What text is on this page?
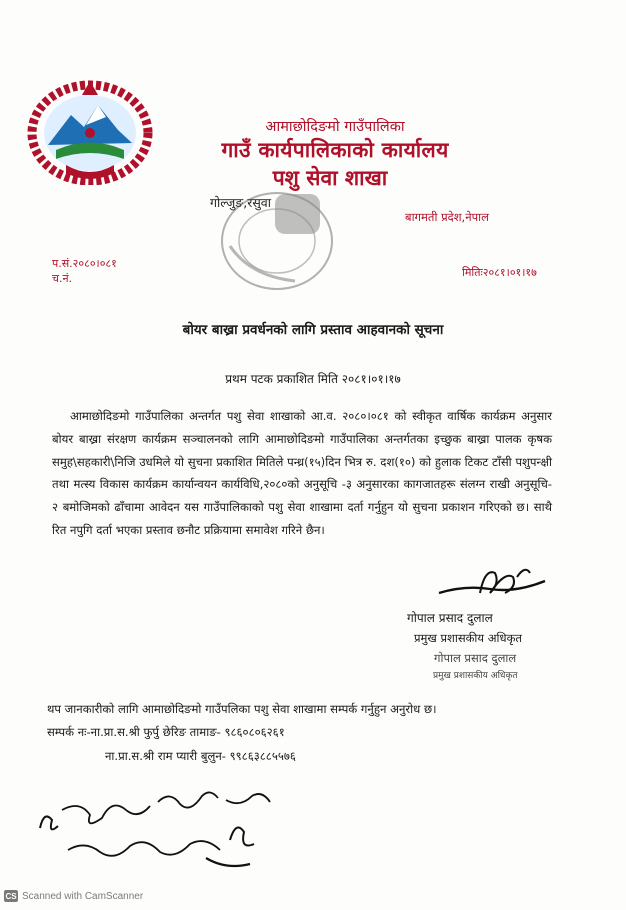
आमाछोदिङमो गाउँपालिका
गाउँ कार्यपालिकाको कार्यालय
पशु सेवा शाखा
गोल्जुङ,रसुवा
बागमती प्रदेश,नेपाल
प.सं.२०८०।०८१
च.नं.	मितिः२०८१।०१।१७
बोयर बाख्रा प्रवर्धनको लागि प्रस्ताव आहवानको सूचना
प्रथम पटक प्रकाशित मिति २०८१।०१।१७
आमाछोदिङमो गाउँपालिका अन्तर्गत पशु सेवा शाखाको आ.व. २०८०।०८१ को स्वीकृत वार्षिक कार्यक्रम अनुसार बोयर बाख्रा संरक्षण कार्यक्रम सञ्चालनको लागि आमाछोदिङमो गाउँपालिका अन्तर्गतका इच्छुक बाख्रा पालक कृषक समुह\सहकारी\निजि उधमिले यो सुचना प्रकाशित मितिले पन्ध्र(१५)दिन भित्र रु. दश(१०) को हुलाक टिकट टाँसी पशुपन्क्षी तथा मत्स्य विकास कार्यक्रम कार्यान्वयन कार्यविधि,२०८०को अनुसूचि -३ अनुसारका कागजातहरू संलग्न राखी अनुसूचि- २ बमोजिमको ढाँचामा आवेदन यस गाउँपालिकाको पशु सेवा शाखामा दर्ता गर्नुहुन यो सुचना प्रकाशन गरिएको छ। साथै रित नपुगि दर्ता भएका प्रस्ताव छनौट प्रक्रियामा समावेश गरिने छैन।
गोपाल प्रसाद दुलाल
प्रमुख प्रशासकीय अधिकृत
गोपाल प्रसाद दुलाल
प्रमुख प्रशासकीय अधिकृत
थप जानकारीको लागि आमाछोदिङमो गाउँपलिका पशु सेवा शाखामा सम्पर्क गर्नुहुन अनुरोध छ।
सम्पर्क नः-ना.प्रा.स.श्री फुर्पु छेरिङ तामाङ- ९८६०८०६२६१
ना.प्रा.स.श्री राम प्यारी बुलुन- ९९८६३८८५५७६
CS Scanned with CamScanner
